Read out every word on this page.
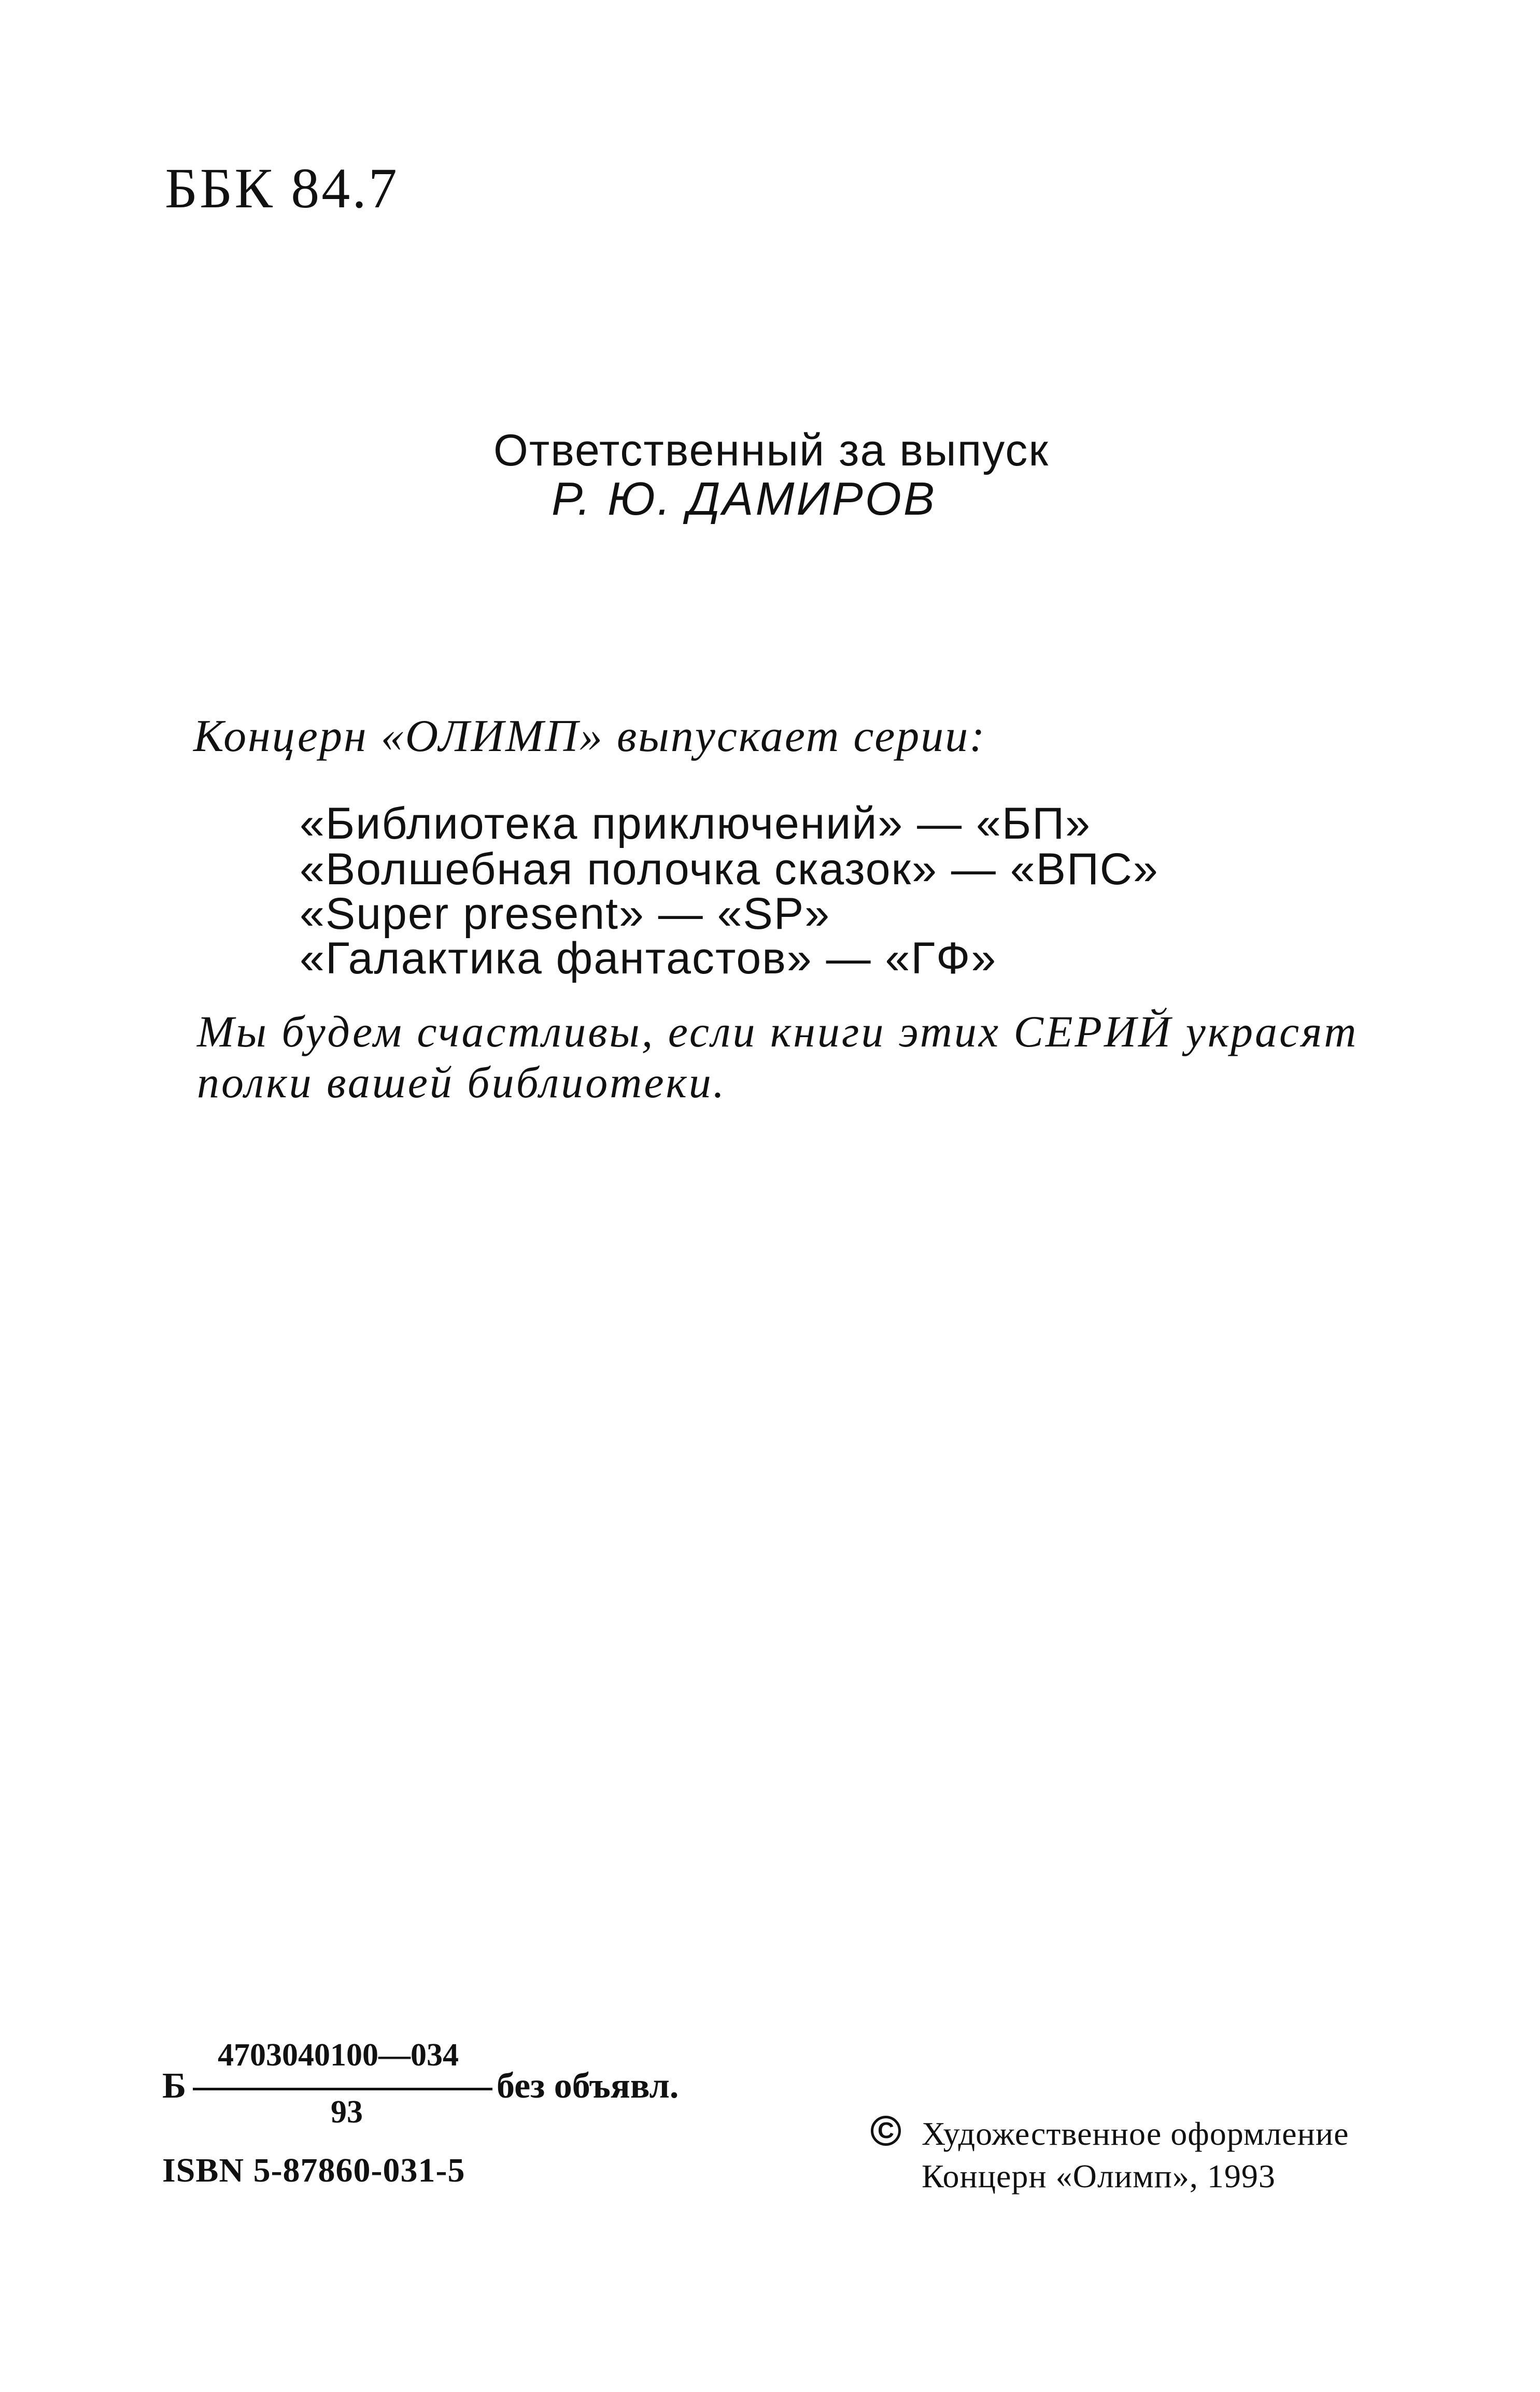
ББК 84.7
Ответственный за выпуск
Р. Ю. ДАМИРОВ
Концерн «ОЛИМП» выпускает серии:
«Библиотека приключений» — «БП»
«Волшебная полочка сказок» — «ВПС»
«Super present» — «SP»
«Галактика фантастов» — «ГФ»
Мы будем счастливы, если книги этих СЕРИЙ украсят
полки вашей библиотеки.
Б
4703040100—034
93
без объявл.
ISBN 5-87860-031-5
C Художественное оформление
Концерн «Олимп», 1993
